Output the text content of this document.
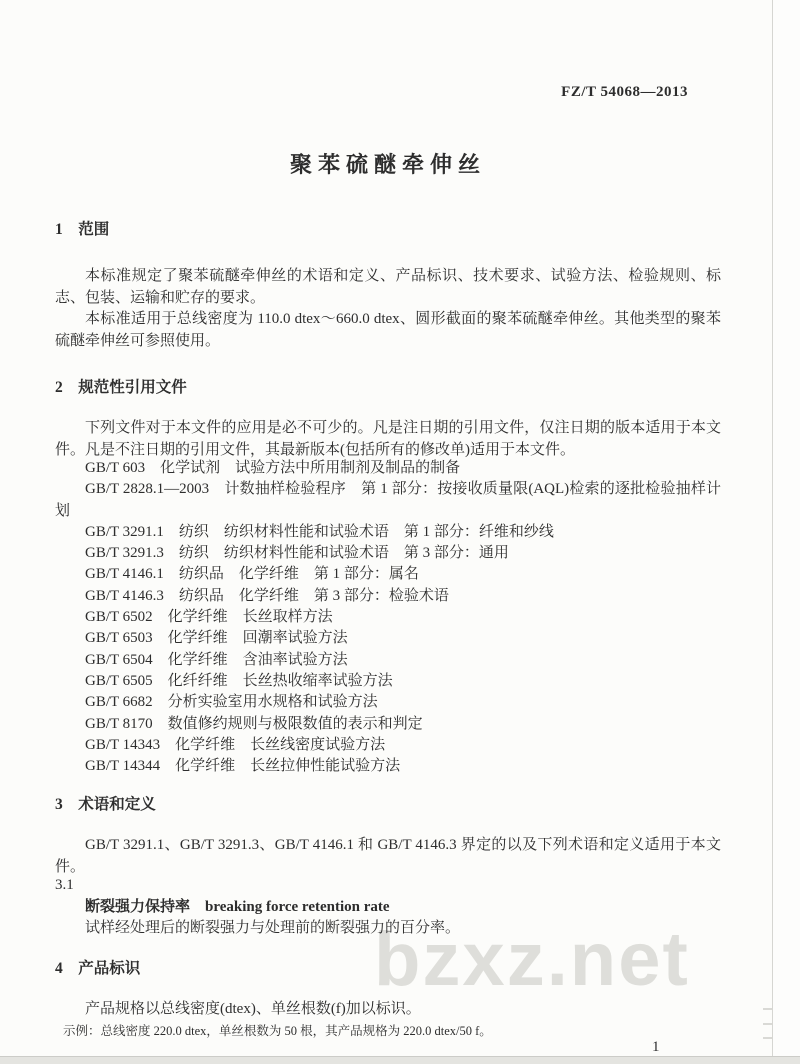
bzxz.net
FZ/T 54068—2013
聚苯硫醚牵伸丝
1　范围
本标准规定了聚苯硫醚牵伸丝的术语和定义、产品标识、技术要求、试验方法、检验规则、标志、包装、运输和贮存的要求。
本标准适用于总线密度为 110.0 dtex～660.0 dtex、圆形截面的聚苯硫醚牵伸丝。其他类型的聚苯硫醚牵伸丝可参照使用。
2　规范性引用文件
下列文件对于本文件的应用是必不可少的。凡是注日期的引用文件，仅注日期的版本适用于本文件。凡是不注日期的引用文件，其最新版本(包括所有的修改单)适用于本文件。
GB/T 603　化学试剂　试验方法中所用制剂及制品的制备
GB/T 2828.1—2003　计数抽样检验程序　第 1 部分：按接收质量限(AQL)检索的逐批检验抽样计划
GB/T 3291.1　纺织　纺织材料性能和试验术语　第 1 部分：纤维和纱线
GB/T 3291.3　纺织　纺织材料性能和试验术语　第 3 部分：通用
GB/T 4146.1　纺织品　化学纤维　第 1 部分：属名
GB/T 4146.3　纺织品　化学纤维　第 3 部分：检验术语
GB/T 6502　化学纤维　长丝取样方法
GB/T 6503　化学纤维　回潮率试验方法
GB/T 6504　化学纤维　含油率试验方法
GB/T 6505　化纤纤维　长丝热收缩率试验方法
GB/T 6682　分析实验室用水规格和试验方法
GB/T 8170　数值修约规则与极限数值的表示和判定
GB/T 14343　化学纤维　长丝线密度试验方法
GB/T 14344　化学纤维　长丝拉伸性能试验方法
3　术语和定义
GB/T 3291.1、GB/T 3291.3、GB/T 4146.1 和 GB/T 4146.3 界定的以及下列术语和定义适用于本文件。
3.1
断裂强力保持率　breaking force retention rate
试样经处理后的断裂强力与处理前的断裂强力的百分率。
4　产品标识
产品规格以总线密度(dtex)、单丝根数(f)加以标识。
示例：总线密度 220.0 dtex，单丝根数为 50 根，其产品规格为 220.0 dtex/50 f。
1
